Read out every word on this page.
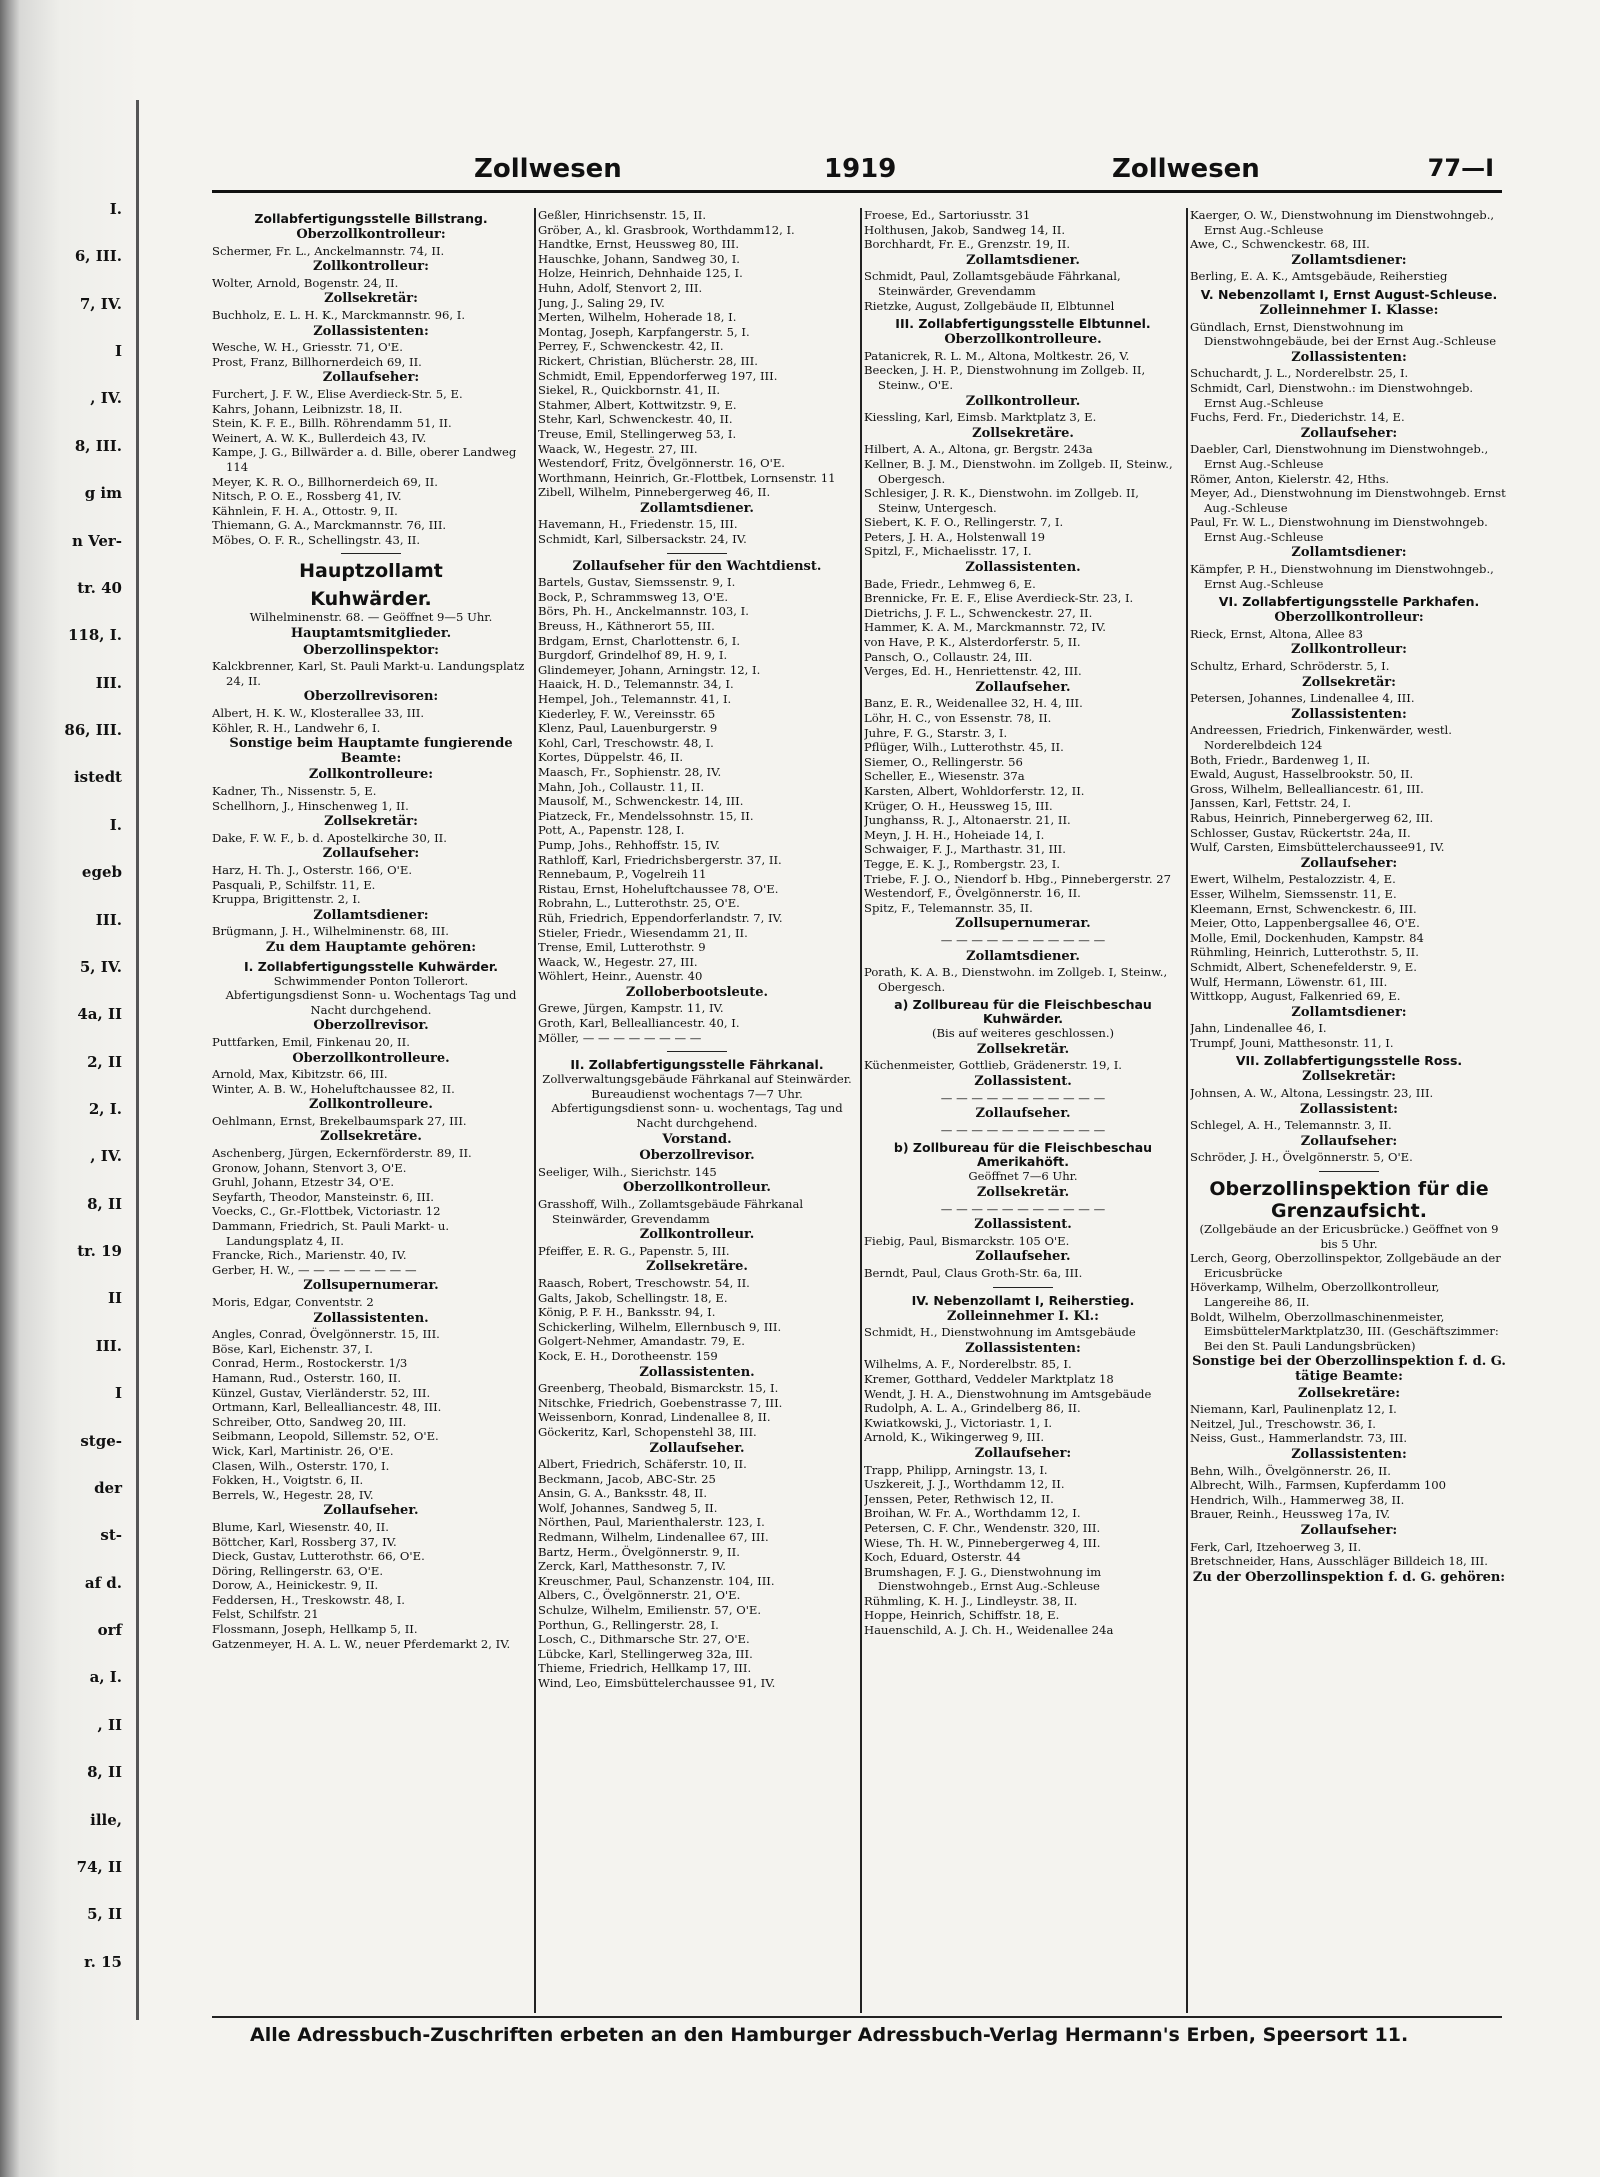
I.
6, III.
7, IV.
I
, IV.
8, III.
g im
n Ver-
tr. 40
118, I.
III.
86, III.
istedt
I.
egeb
III.
5, IV.
4a, II
2, II
2, I.
, IV.
8, II
tr. 19
II
III.
I
stge-
der
st-
af d.
orf
a, I.
, II
8, II
ille,
74, II
5, II
r. 15
Zollwesen	1919	Zollwesen	77—I
Zollabfertigungsstelle Billstrang.
Oberzollkontrolleur:
Schermer, Fr. L., Anckelmannstr. 74, II.
Zollkontrolleur:
Wolter, Arnold, Bogenstr. 24, II.
Zollsekretär:
Buchholz, E. L. H. K., Marckmannstr. 96, I.
Zollassistenten:
Wesche, W. H., Griesstr. 71, O'E.
Prost, Franz, Billhornerdeich 69, II.
Zollaufseher:
Furchert, J. F. W., Elise Averdieck-Str. 5, E.
Kahrs, Johann, Leibnizstr. 18, II.
Stein, K. F. E., Billh. Röhrendamm 51, II.
Weinert, A. W. K., Bullerdeich 43, IV.
Kampe, J. G., Billwärder a. d. Bille, oberer Landweg 114
Meyer, K. R. O., Billhornerdeich 69, II.
Nitsch, P. O. E., Rossberg 41, IV.
Kähnlein, F. H. A., Ottostr. 9, II.
Thiemann, G. A., Marckmannstr. 76, III.
Möbes, O. F. R., Schellingstr. 43, II.
Hauptzollamt
Kuhwärder.
Wilhelminenstr. 68. — Geöffnet 9—5 Uhr.
Hauptamtsmitglieder.
Oberzollinspektor:
Kalckbrenner, Karl, St. Pauli Markt-u. Landungsplatz 24, II.
Oberzollrevisoren:
Albert, H. K. W., Klosterallee 33, III.
Köhler, R. H., Landwehr 6, I.
Sonstige beim Hauptamte fungierende Beamte:
Zollkontrolleure:
Kadner, Th., Nissenstr. 5, E.
Schellhorn, J., Hinschenweg 1, II.
Zollsekretär:
Dake, F. W. F., b. d. Apostelkirche 30, II.
Zollaufseher:
Harz, H. Th. J., Osterstr. 166, O'E.
Pasquali, P., Schilfstr. 11, E.
Kruppa, Brigittenstr. 2, I.
Zollamtsdiener:
Brügmann, J. H., Wilhelminenstr. 68, III.
Zu dem Hauptamte gehören:
I. Zollabfertigungsstelle Kuhwärder.
Schwimmender Ponton Tollerort.
Abfertigungsdienst Sonn- u. Wochentags Tag und Nacht durchgehend.
Oberzollrevisor.
Puttfarken, Emil, Finkenau 20, II.
Oberzollkontrolleure.
Arnold, Max, Kibitzstr. 66, III.
Winter, A. B. W., Hoheluftchaussee 82, II.
Zollkontrolleure.
Oehlmann, Ernst, Brekelbaumspark 27, III.
Zollsekretäre.
Aschenberg, Jürgen, Eckernförderstr. 89, II.
Gronow, Johann, Stenvort 3, O'E.
Gruhl, Johann, Etzestr 34, O'E.
Seyfarth, Theodor, Mansteinstr. 6, III.
Voecks, C., Gr.-Flottbek, Victoriastr. 12
Dammann, Friedrich, St. Pauli Markt- u. Landungsplatz 4, II.
Francke, Rich., Marienstr. 40, IV.
Gerber, H. W., — — — — — — — —
Zollsupernumerar.
Moris, Edgar, Conventstr. 2
Zollassistenten.
Angles, Conrad, Övelgönnerstr. 15, III.
Böse, Karl, Eichenstr. 37, I.
Conrad, Herm., Rostockerstr. 1/3
Hamann, Rud., Osterstr. 160, II.
Künzel, Gustav, Vierländerstr. 52, III.
Ortmann, Karl, Bellealliancestr. 48, III.
Schreiber, Otto, Sandweg 20, III.
Seibmann, Leopold, Sillemstr. 52, O'E.
Wick, Karl, Martinistr. 26, O'E.
Clasen, Wilh., Osterstr. 170, I.
Fokken, H., Voigtstr. 6, II.
Berrels, W., Hegestr. 28, IV.
Zollaufseher.
Blume, Karl, Wiesenstr. 40, II.
Böttcher, Karl, Rossberg 37, IV.
Dieck, Gustav, Lutterothstr. 66, O'E.
Döring, Rellingerstr. 63, O'E.
Dorow, A., Heinickestr. 9, II.
Feddersen, H., Treskowstr. 48, I.
Felst, Schilfstr. 21
Flossmann, Joseph, Hellkamp 5, II.
Gatzenmeyer, H. A. L. W., neuer Pferdemarkt 2, IV.
Geßler, Hinrichsenstr. 15, II.
Gröber, A., kl. Grasbrook, Worthdamm12, I.
Handtke, Ernst, Heussweg 80, III.
Hauschke, Johann, Sandweg 30, I.
Holze, Heinrich, Dehnhaide 125, I.
Huhn, Adolf, Stenvort 2, III.
Jung, J., Saling 29, IV.
Merten, Wilhelm, Hoherade 18, I.
Montag, Joseph, Karpfangerstr. 5, I.
Perrey, F., Schwenckestr. 42, II.
Rickert, Christian, Blücherstr. 28, III.
Schmidt, Emil, Eppendorferweg 197, III.
Siekel, R., Quickbornstr. 41, II.
Stahmer, Albert, Kottwitzstr. 9, E.
Stehr, Karl, Schwenckestr. 40, II.
Treuse, Emil, Stellingerweg 53, I.
Waack, W., Hegestr. 27, III.
Westendorf, Fritz, Övelgönnerstr. 16, O'E.
Worthmann, Heinrich, Gr.-Flottbek, Lornsenstr. 11
Zibell, Wilhelm, Pinnebergerweg 46, II.
Zollamtsdiener.
Havemann, H., Friedenstr. 15, III.
Schmidt, Karl, Silbersackstr. 24, IV.
Zollaufseher für den Wachtdienst.
Bartels, Gustav, Siemssenstr. 9, I.
Bock, P., Schrammsweg 13, O'E.
Börs, Ph. H., Anckelmannstr. 103, I.
Breuss, H., Käthnerort 55, III.
Brdgam, Ernst, Charlottenstr. 6, I.
Burgdorf, Grindelhof 89, H. 9, I.
Glindemeyer, Johann, Arningstr. 12, I.
Haaick, H. D., Telemannstr. 34, I.
Hempel, Joh., Telemannstr. 41, I.
Kiederley, F. W., Vereinsstr. 65
Klenz, Paul, Lauenburgerstr. 9
Kohl, Carl, Treschowstr. 48, I.
Kortes, Düppelstr. 46, II.
Maasch, Fr., Sophienstr. 28, IV.
Mahn, Joh., Collaustr. 11, II.
Mausolf, M., Schwenckestr. 14, III.
Piatzeck, Fr., Mendelssohnstr. 15, II.
Pott, A., Papenstr. 128, I.
Pump, Johs., Rehhoffstr. 15, IV.
Rathloff, Karl, Friedrichsbergerstr. 37, II.
Rennebaum, P., Vogelreih 11
Ristau, Ernst, Hoheluftchaussee 78, O'E.
Robrahn, L., Lutterothstr. 25, O'E.
Rüh, Friedrich, Eppendorferlandstr. 7, IV.
Stieler, Friedr., Wiesendamm 21, II.
Trense, Emil, Lutterothstr. 9
Waack, W., Hegestr. 27, III.
Wöhlert, Heinr., Auenstr. 40
Zolloberbootsleute.
Grewe, Jürgen, Kampstr. 11, IV.
Groth, Karl, Bellealliancestr. 40, I.
Möller, — — — — — — — —
II. Zollabfertigungsstelle Fährkanal.
Zollverwaltungsgebäude Fährkanal auf Steinwärder.
Bureaudienst wochentags 7—7 Uhr. Abfertigungsdienst sonn- u. wochentags, Tag und Nacht durchgehend.
Vorstand.
Oberzollrevisor.
Seeliger, Wilh., Sierichstr. 145
Oberzollkontrolleur.
Grasshoff, Wilh., Zollamtsgebäude Fährkanal Steinwärder, Grevendamm
Zollkontrolleur.
Pfeiffer, E. R. G., Papenstr. 5, III.
Zollsekretäre.
Raasch, Robert, Treschowstr. 54, II.
Galts, Jakob, Schellingstr. 18, E.
König, P. F. H., Banksstr. 94, I.
Schickerling, Wilhelm, Ellernbusch 9, III.
Golgert-Nehmer, Amandastr. 79, E.
Kock, E. H., Dorotheenstr. 159
Zollassistenten.
Greenberg, Theobald, Bismarckstr. 15, I.
Nitschke, Friedrich, Goebenstrasse 7, III.
Weissenborn, Konrad, Lindenallee 8, II.
Göckeritz, Karl, Schopenstehl 38, III.
Zollaufseher.
Albert, Friedrich, Schäferstr. 10, II.
Beckmann, Jacob, ABC-Str. 25
Ansin, G. A., Banksstr. 48, II.
Wolf, Johannes, Sandweg 5, II.
Nörthen, Paul, Marienthalerstr. 123, I.
Redmann, Wilhelm, Lindenallee 67, III.
Bartz, Herm., Övelgönnerstr. 9, II.
Zerck, Karl, Matthesonstr. 7, IV.
Kreuschmer, Paul, Schanzenstr. 104, III.
Albers, C., Övelgönnerstr. 21, O'E.
Schulze, Wilhelm, Emilienstr. 57, O'E.
Porthun, G., Rellingerstr. 28, I.
Losch, C., Dithmarsche Str. 27, O'E.
Lübcke, Karl, Stellingerweg 32a, III.
Thieme, Friedrich, Hellkamp 17, III.
Wind, Leo, Eimsbüttelerchaussee 91, IV.
Froese, Ed., Sartoriusstr. 31
Holthusen, Jakob, Sandweg 14, II.
Borchhardt, Fr. E., Grenzstr. 19, II.
Zollamtsdiener.
Schmidt, Paul, Zollamtsgebäude Fährkanal, Steinwärder, Grevendamm
Rietzke, August, Zollgebäude II, Elbtunnel
III. Zollabfertigungsstelle Elbtunnel.
Oberzollkontrolleure.
Patanicrek, R. L. M., Altona, Moltkestr. 26, V.
Beecken, J. H. P., Dienstwohnung im Zollgeb. II, Steinw., O'E.
Zollkontrolleur.
Kiessling, Karl, Eimsb. Marktplatz 3, E.
Zollsekretäre.
Hilbert, A. A., Altona, gr. Bergstr. 243a
Kellner, B. J. M., Dienstwohn. im Zollgeb. II, Steinw., Obergesch.
Schlesiger, J. R. K., Dienstwohn. im Zollgeb. II, Steinw, Untergesch.
Siebert, K. F. O., Rellingerstr. 7, I.
Peters, J. H. A., Holstenwall 19
Spitzl, F., Michaelisstr. 17, I.
Zollassistenten.
Bade, Friedr., Lehmweg 6, E.
Brennicke, Fr. E. F., Elise Averdieck-Str. 23, I.
Dietrichs, J. F. L., Schwenckestr. 27, II.
Hammer, K. A. M., Marckmannstr. 72, IV.
von Have, P. K., Alsterdorferstr. 5, II.
Pansch, O., Collaustr. 24, III.
Verges, Ed. H., Henriettenstr. 42, III.
Zollaufseher.
Banz, E. R., Weidenallee 32, H. 4, III.
Löhr, H. C., von Essenstr. 78, II.
Juhre, F. G., Starstr. 3, I.
Pflüger, Wilh., Lutterothstr. 45, II.
Siemer, O., Rellingerstr. 56
Scheller, E., Wiesenstr. 37a
Karsten, Albert, Wohldorferstr. 12, II.
Krüger, O. H., Heussweg 15, III.
Junghanss, R. J., Altonaerstr. 21, II.
Meyn, J. H. H., Hoheiade 14, I.
Schwaiger, F. J., Marthastr. 31, III.
Tegge, E. K. J., Rombergstr. 23, I.
Triebe, F. J. O., Niendorf b. Hbg., Pinnebergerstr. 27
Westendorf, F., Övelgönnerstr. 16, II.
Spitz, F., Telemannstr. 35, II.
Zollsupernumerar.
— — — — — — — — — — —
Zollamtsdiener.
Porath, K. A. B., Dienstwohn. im Zollgeb. I, Steinw., Obergesch.
a) Zollbureau für die Fleischbeschau Kuhwärder.
(Bis auf weiteres geschlossen.)
Zollsekretär.
Küchenmeister, Gottlieb, Grädenerstr. 19, I.
Zollassistent.
— — — — — — — — — — —
Zollaufseher.
— — — — — — — — — — —
b) Zollbureau für die Fleischbeschau Amerikahöft.
Geöffnet 7—6 Uhr.
Zollsekretär.
— — — — — — — — — — —
Zollassistent.
Fiebig, Paul, Bismarckstr. 105 O'E.
Zollaufseher.
Berndt, Paul, Claus Groth-Str. 6a, III.
IV. Nebenzollamt I, Reiherstieg.
Zolleinnehmer I. Kl.:
Schmidt, H., Dienstwohnung im Amtsgebäude
Zollassistenten:
Wilhelms, A. F., Norderelbstr. 85, I.
Kremer, Gotthard, Veddeler Marktplatz 18
Wendt, J. H. A., Dienstwohnung im Amtsgebäude
Rudolph, A. L. A., Grindelberg 86, II.
Kwiatkowski, J., Victoriastr. 1, I.
Arnold, K., Wikingerweg 9, III.
Zollaufseher:
Trapp, Philipp, Arningstr. 13, I.
Uszkereit, J. J., Worthdamm 12, II.
Jenssen, Peter, Rethwisch 12, II.
Broihan, W. Fr. A., Worthdamm 12, I.
Petersen, C. F. Chr., Wendenstr. 320, III.
Wiese, Th. H. W., Pinnebergerweg 4, III.
Koch, Eduard, Osterstr. 44
Brumshagen, F. J. G., Dienstwohnung im Dienstwohngeb., Ernst Aug.-Schleuse
Rühmling, K. H. J., Lindleystr. 38, II.
Hoppe, Heinrich, Schiffstr. 18, E.
Hauenschild, A. J. Ch. H., Weidenallee 24a
Kaerger, O. W., Dienstwohnung im Dienstwohngeb., Ernst Aug.-Schleuse
Awe, C., Schwenckestr. 68, III.
Zollamtsdiener:
Berling, E. A. K., Amtsgebäude, Reiherstieg
V. Nebenzollamt I, Ernst August-Schleuse.
Zolleinnehmer I. Klasse:
Gündlach, Ernst, Dienstwohnung im Dienstwohngebäude, bei der Ernst Aug.-Schleuse
Zollassistenten:
Schuchardt, J. L., Norderelbstr. 25, I.
Schmidt, Carl, Dienstwohn.: im Dienstwohngeb. Ernst Aug.-Schleuse
Fuchs, Ferd. Fr., Diederichstr. 14, E.
Zollaufseher:
Daebler, Carl, Dienstwohnung im Dienstwohngeb., Ernst Aug.-Schleuse
Römer, Anton, Kielerstr. 42, Hths.
Meyer, Ad., Dienstwohnung im Dienstwohngeb. Ernst Aug.-Schleuse
Paul, Fr. W. L., Dienstwohnung im Dienstwohngeb. Ernst Aug.-Schleuse
Zollamtsdiener:
Kämpfer, P. H., Dienstwohnung im Dienstwohngeb., Ernst Aug.-Schleuse
VI. Zollabfertigungsstelle Parkhafen.
Oberzollkontrolleur:
Rieck, Ernst, Altona, Allee 83
Zollkontrolleur:
Schultz, Erhard, Schröderstr. 5, I.
Zollsekretär:
Petersen, Johannes, Lindenallee 4, III.
Zollassistenten:
Andreessen, Friedrich, Finkenwärder, westl. Norderelbdeich 124
Both, Friedr., Bardenweg 1, II.
Ewald, August, Hasselbrookstr. 50, II.
Gross, Wilhelm, Bellealliancestr. 61, III.
Janssen, Karl, Fettstr. 24, I.
Rabus, Heinrich, Pinnebergerweg 62, III.
Schlosser, Gustav, Rückertstr. 24a, II.
Wulf, Carsten, Eimsbüttelerchaussee91, IV.
Zollaufseher:
Ewert, Wilhelm, Pestalozzistr. 4, E.
Esser, Wilhelm, Siemssenstr. 11, E.
Kleemann, Ernst, Schwenckestr. 6, III.
Meier, Otto, Lappenbergsallee 46, O'E.
Molle, Emil, Dockenhuden, Kampstr. 84
Rühmling, Heinrich, Lutterothstr. 5, II.
Schmidt, Albert, Schenefelderstr. 9, E.
Wulf, Hermann, Löwenstr. 61, III.
Wittkopp, August, Falkenried 69, E.
Zollamtsdiener:
Jahn, Lindenallee 46, I.
Trumpf, Jouni, Matthesonstr. 11, I.
VII. Zollabfertigungsstelle Ross.
Zollsekretär:
Johnsen, A. W., Altona, Lessingstr. 23, III.
Zollassistent:
Schlegel, A. H., Telemannstr. 3, II.
Zollaufseher:
Schröder, J. H., Övelgönnerstr. 5, O'E.
Oberzollinspektion für die Grenzaufsicht.
(Zollgebäude an der Ericusbrücke.) Geöffnet von 9 bis 5 Uhr.
Lerch, Georg, Oberzollinspektor, Zollgebäude an der Ericusbrücke
Höverkamp, Wilhelm, Oberzollkontrolleur, Langereihe 86, II.
Boldt, Wilhelm, Oberzollmaschinenmeister, EimsbüttelerMarktplatz30, III. (Geschäftszimmer: Bei den St. Pauli Landungsbrücken)
Sonstige bei der Oberzollinspektion f. d. G. tätige Beamte:
Zollsekretäre:
Niemann, Karl, Paulinenplatz 12, I.
Neitzel, Jul., Treschowstr. 36, I.
Neiss, Gust., Hammerlandstr. 73, III.
Zollassistenten:
Behn, Wilh., Övelgönnerstr. 26, II.
Albrecht, Wilh., Farmsen, Kupferdamm 100
Hendrich, Wilh., Hammerweg 38, II.
Brauer, Reinh., Heussweg 17a, IV.
Zollaufseher:
Ferk, Carl, Itzehoerweg 3, II.
Bretschneider, Hans, Ausschläger Billdeich 18, III.
Zu der Oberzollinspektion f. d. G. gehören:
Alle Adressbuch-Zuschriften erbeten an den Hamburger Adressbuch-Verlag Hermann's Erben, Speersort 11.
